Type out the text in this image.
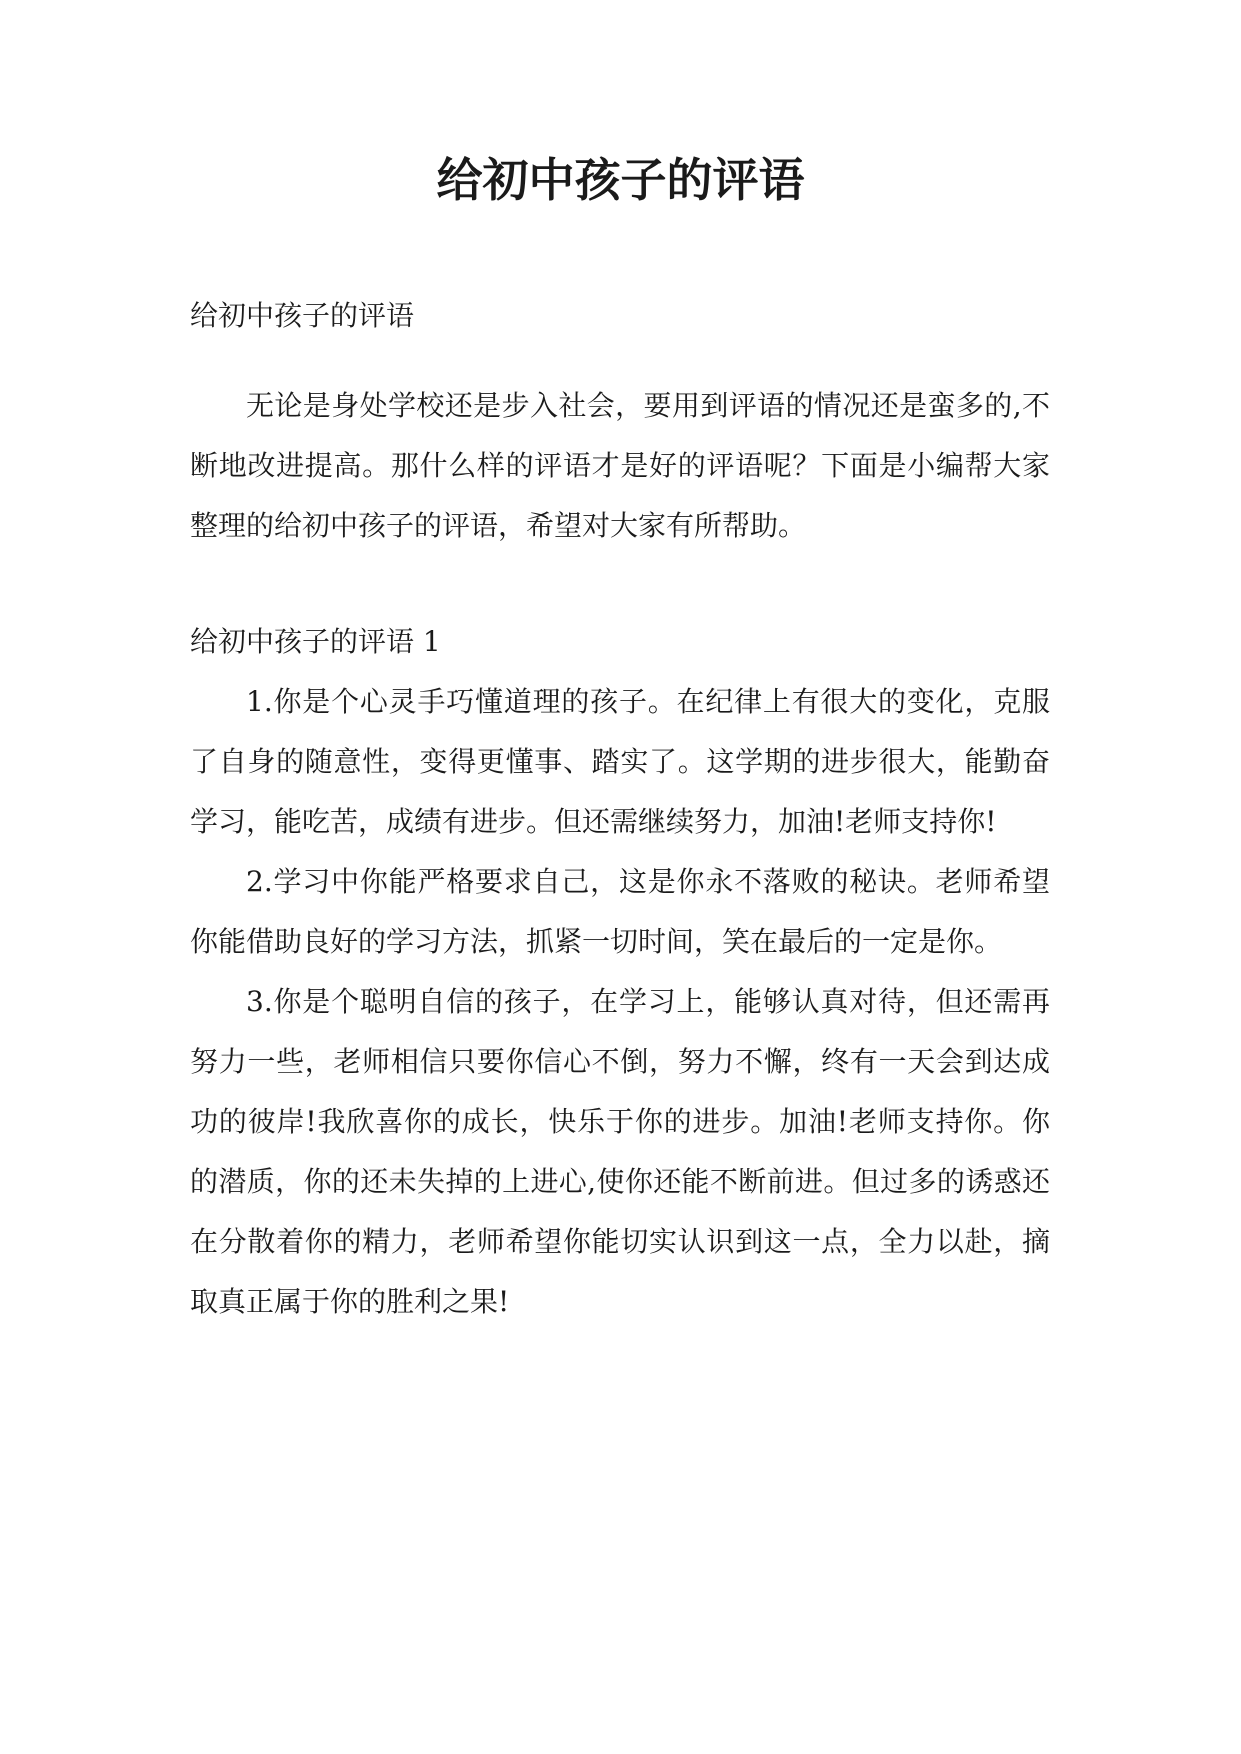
给初中孩子的评语

给初中孩子的评语

无论是身处学校还是步入社会，要用到评语的情况还是蛮多的,不断地改进提高。那什么样的评语才是好的评语呢？下面是小编帮大家整理的给初中孩子的评语，希望对大家有所帮助。

给初中孩子的评语 1

1.你是个心灵手巧懂道理的孩子。在纪律上有很大的变化，克服了自身的随意性，变得更懂事、踏实了。这学期的进步很大，能勤奋学习，能吃苦，成绩有进步。但还需继续努力，加油!老师支持你!

2.学习中你能严格要求自己，这是你永不落败的秘诀。老师希望你能借助良好的学习方法，抓紧一切时间，笑在最后的一定是你。

3.你是个聪明自信的孩子，在学习上，能够认真对待，但还需再努力一些，老师相信只要你信心不倒，努力不懈，终有一天会到达成功的彼岸!我欣喜你的成长，快乐于你的进步。加油!老师支持你。你的潜质，你的还未失掉的上进心,使你还能不断前进。但过多的诱惑还在分散着你的精力，老师希望你能切实认识到这一点，全力以赴，摘取真正属于你的胜利之果!
